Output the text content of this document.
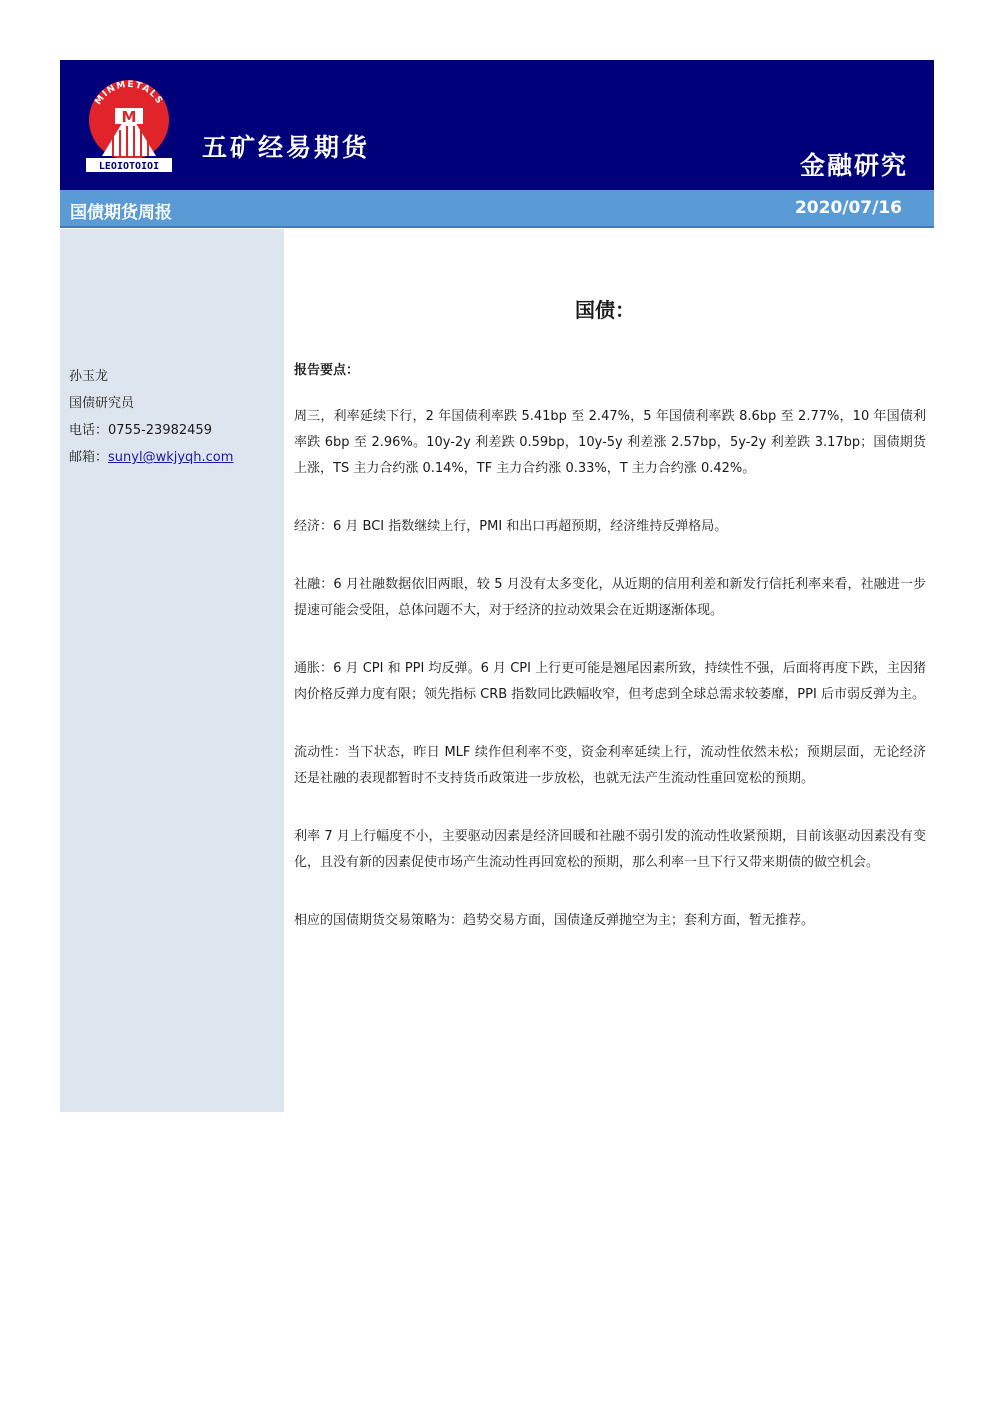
MINMETALS
M
LEOIOTOIOI
五矿经易期货
金融研究
国债期货周报	2020/07/16
孙玉龙
国债研究员
电话：0755-23982459
邮箱：sunyl@wkjyqh.com
国债：
报告要点：

周三，利率延续下行，2 年国债利率跌 5.41bp 至 2.47%，5 年国债利率跌 8.6bp 至 2.77%，10 年国债利率跌 6bp 至 2.96%。10y-2y 利差跌 0.59bp，10y-5y 利差涨 2.57bp，5y-2y 利差跌 3.17bp；国债期货上涨，TS 主力合约涨 0.14%，TF 主力合约涨 0.33%，T 主力合约涨 0.42%。

经济：6 月 BCI 指数继续上行，PMI 和出口再超预期，经济维持反弹格局。

社融：6 月社融数据依旧两眼，较 5 月没有太多变化，从近期的信用利差和新发行信托利率来看，社融进一步提速可能会受阻，总体问题不大，对于经济的拉动效果会在近期逐渐体现。

通胀：6 月 CPI 和 PPI 均反弹。6 月 CPI 上行更可能是翘尾因素所致，持续性不强，后面将再度下跌，主因猪肉价格反弹力度有限；领先指标 CRB 指数同比跌幅收窄，但考虑到全球总需求较萎靡，PPI 后市弱反弹为主。

流动性：当下状态，昨日 MLF 续作但利率不变，资金利率延续上行，流动性依然未松；预期层面，无论经济还是社融的表现都暂时不支持货币政策进一步放松，也就无法产生流动性重回宽松的预期。

利率 7 月上行幅度不小，主要驱动因素是经济回暖和社融不弱引发的流动性收紧预期，目前该驱动因素没有变化，且没有新的因素促使市场产生流动性再回宽松的预期，那么利率一旦下行又带来期债的做空机会。

相应的国债期货交易策略为：趋势交易方面，国债逢反弹抛空为主；套利方面，暂无推荐。
